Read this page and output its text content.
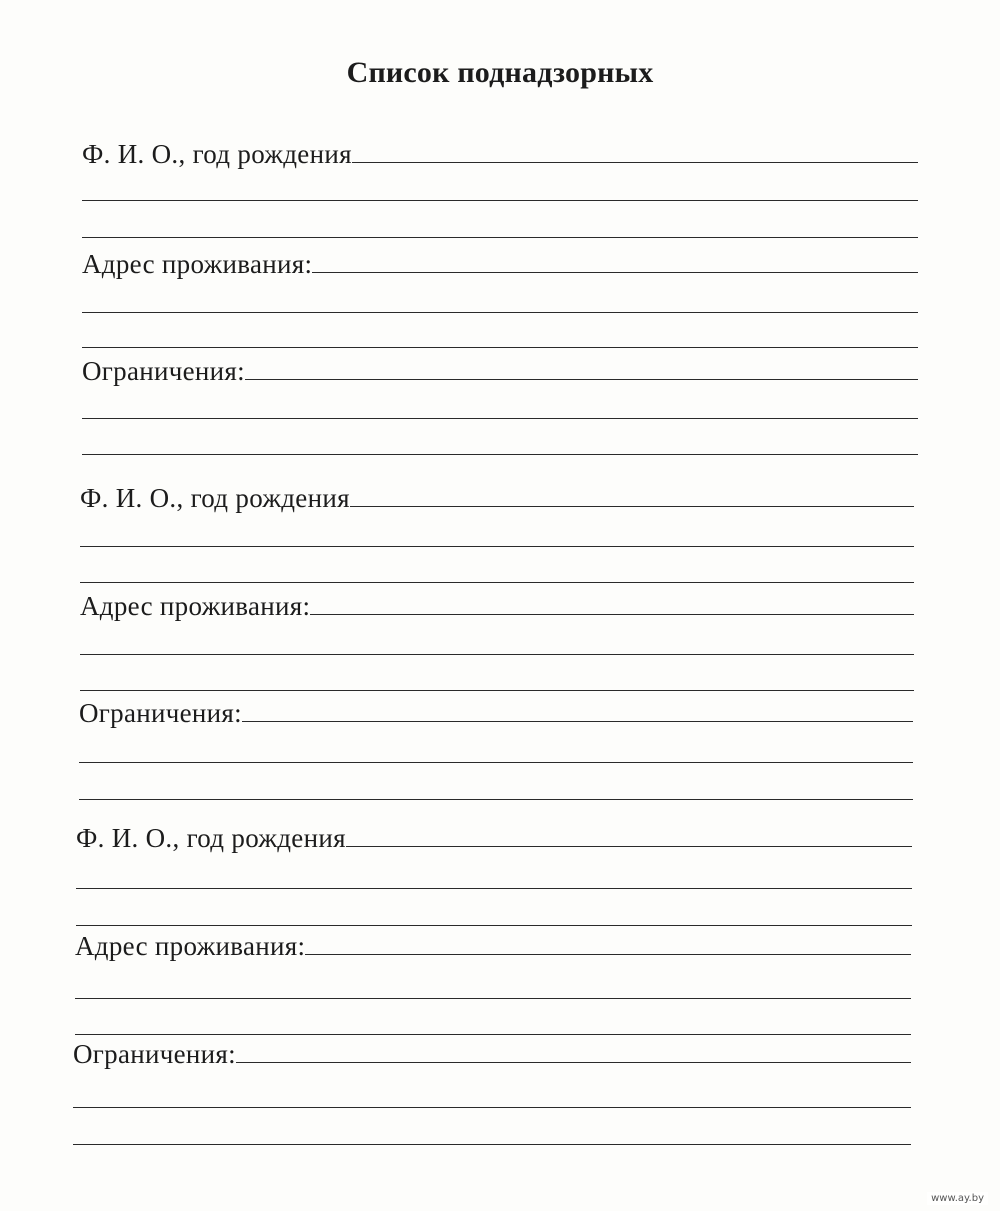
Список поднадзорных
Ф. И. О., год рождения
Адрес проживания:
Ограничения:
Ф. И. О., год рождения
Адрес проживания:
Ограничения:
Ф. И. О., год рождения
Адрес проживания:
Ограничения:
www.ay.by
